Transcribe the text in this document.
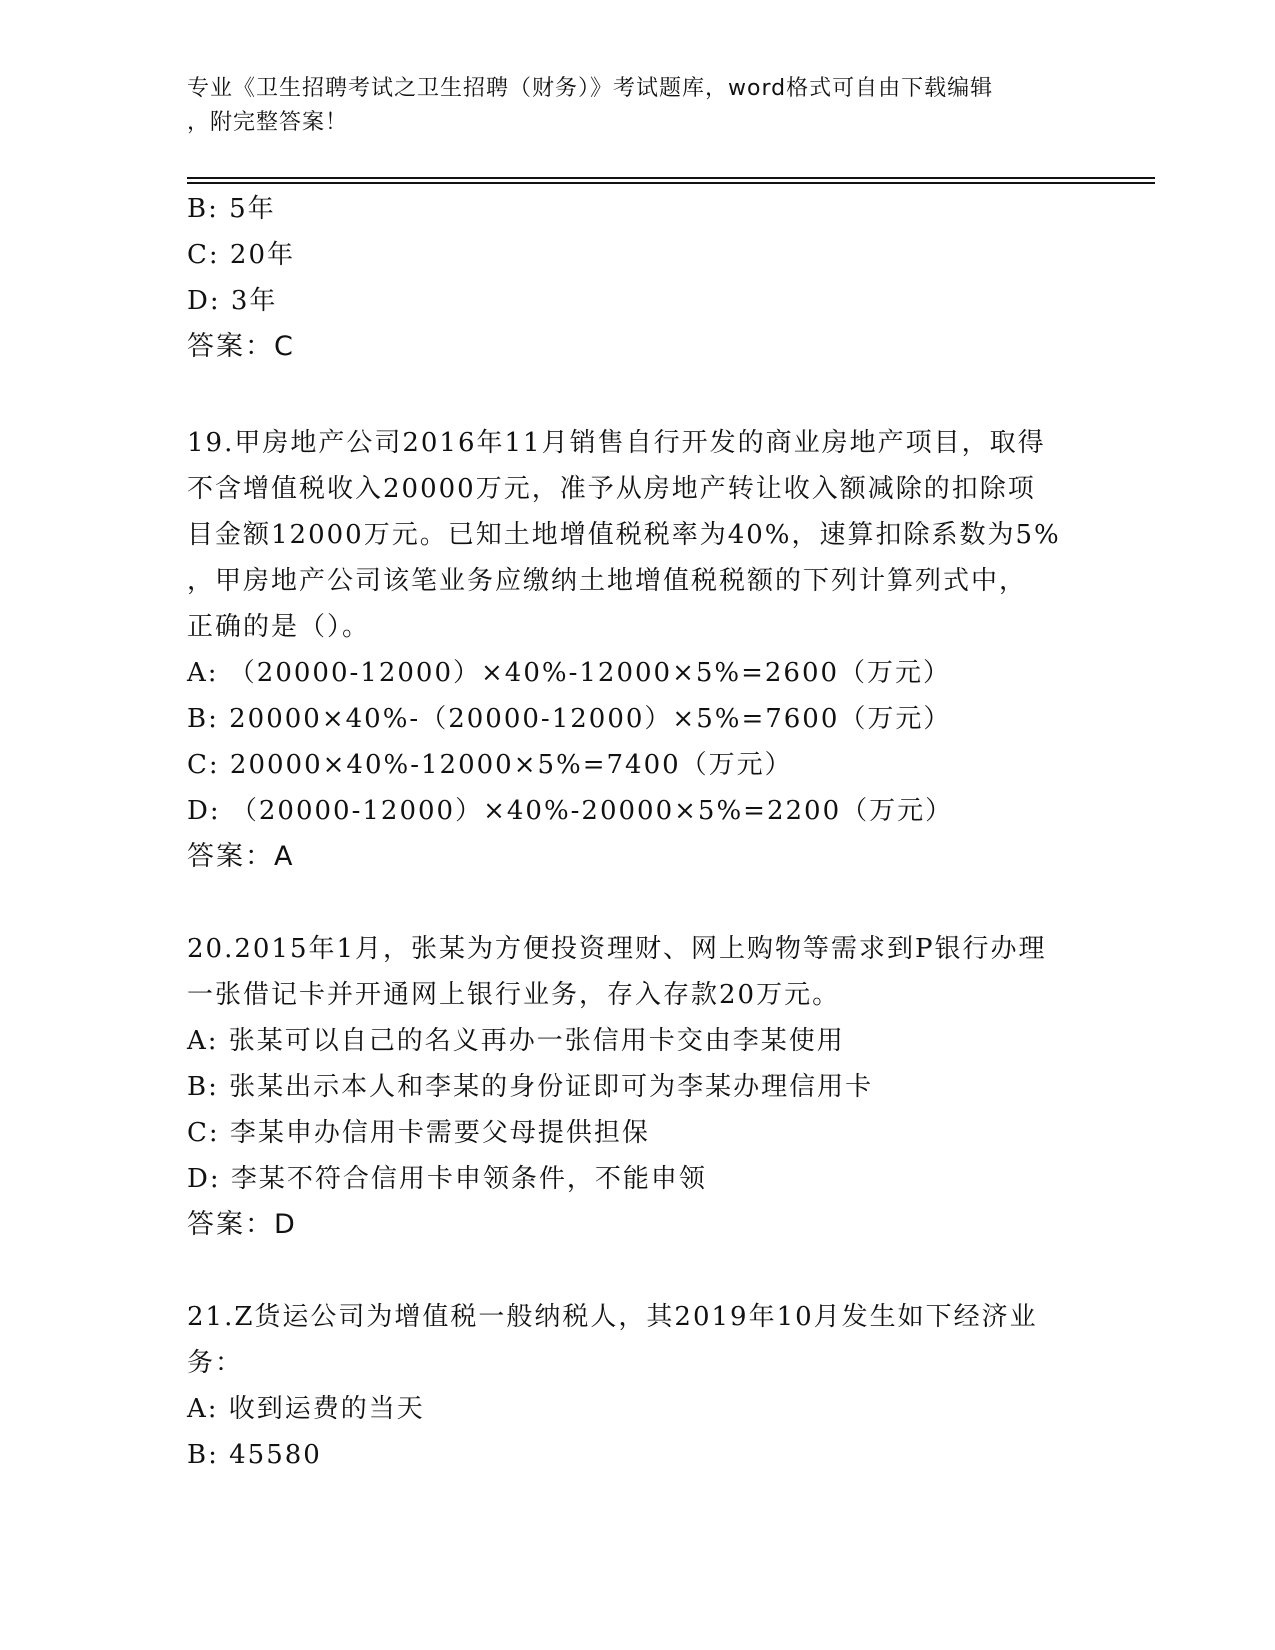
专业《卫生招聘考试之卫生招聘（财务）》考试题库，word格式可自由下载编辑
，附完整答案！
B: 5年
C: 20年
D: 3年
答案：C
19.甲房地产公司2016年11月销售自行开发的商业房地产项目，取得
不含增值税收入20000万元，准予从房地产转让收入额减除的扣除项
目金额12000万元。已知土地增值税税率为40%，速算扣除系数为5%
，甲房地产公司该笔业务应缴纳土地增值税税额的下列计算列式中，
正确的是（）。
A: （20000-12000）×40%-12000×5%=2600（万元）
B: 20000×40%-（20000-12000）×5%=7600（万元）
C: 20000×40%-12000×5%=7400（万元）
D: （20000-12000）×40%-20000×5%=2200（万元）
答案：A
20.2015年1月，张某为方便投资理财、网上购物等需求到P银行办理
一张借记卡并开通网上银行业务，存入存款20万元。
A: 张某可以自己的名义再办一张信用卡交由李某使用
B: 张某出示本人和李某的身份证即可为李某办理信用卡
C: 李某申办信用卡需要父母提供担保
D: 李某不符合信用卡申领条件，不能申领
答案：D
21.Z货运公司为增值税一般纳税人，其2019年10月发生如下经济业
务：
A: 收到运费的当天
B: 45580
